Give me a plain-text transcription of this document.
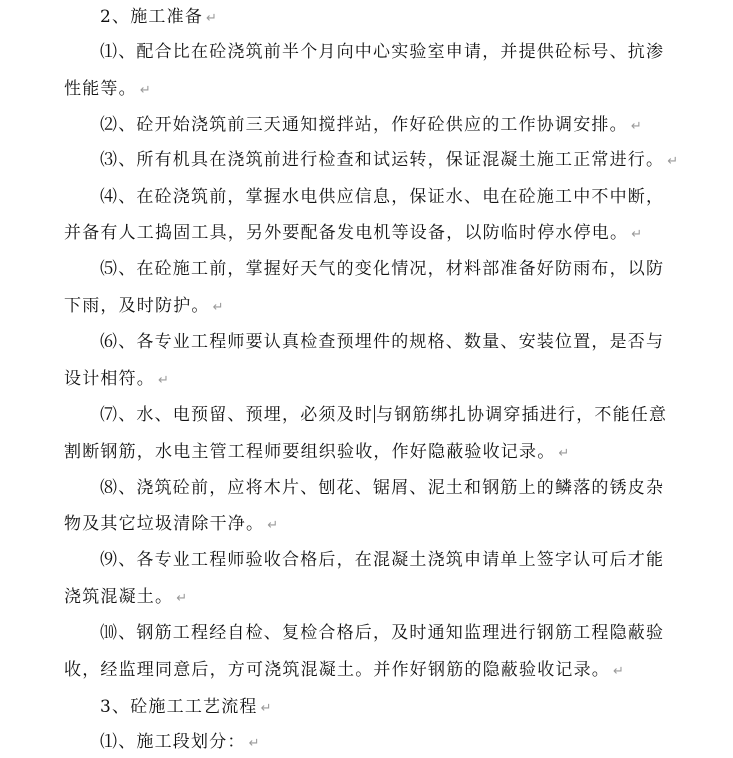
2、施工准备 ↵
⑴、配合比在砼浇筑前半个月向中心实验室申请，并提供砼标号、抗渗
性能等。 ↵
⑵、砼开始浇筑前三天通知搅拌站，作好砼供应的工作协调安排。 ↵
⑶、所有机具在浇筑前进行检查和试运转，保证混凝土施工正常进行。 ↵
⑷、在砼浇筑前，掌握水电供应信息，保证水、电在砼施工中不中断，
并备有人工捣固工具，另外要配备发电机等设备，以防临时停水停电。 ↵
⑸、在砼施工前，掌握好天气的变化情况，材料部准备好防雨布，以防
下雨，及时防护。 ↵
⑹、各专业工程师要认真检查预埋件的规格、数量、安装位置，是否与
设计相符。 ↵
⑺、水、电预留、预埋，必须及时 与钢筋绑扎协调穿插进行，不能任意
割断钢筋，水电主管工程师要组织验收，作好隐蔽验收记录。 ↵
⑻、浇筑砼前，应将木片、刨花、锯屑、泥土和钢筋上的鳞落的锈皮杂
物及其它垃圾清除干净。 ↵
⑼、各专业工程师验收合格后，在混凝土浇筑申请单上签字认可后才能
浇筑混凝土。 ↵
⑽、钢筋工程经自检、复检合格后，及时通知监理进行钢筋工程隐蔽验
收，经监理同意后，方可浇筑混凝土。并作好钢筋的隐蔽验收记录。 ↵
3、砼施工工艺流程 ↵
⑴、施工段划分： ↵
